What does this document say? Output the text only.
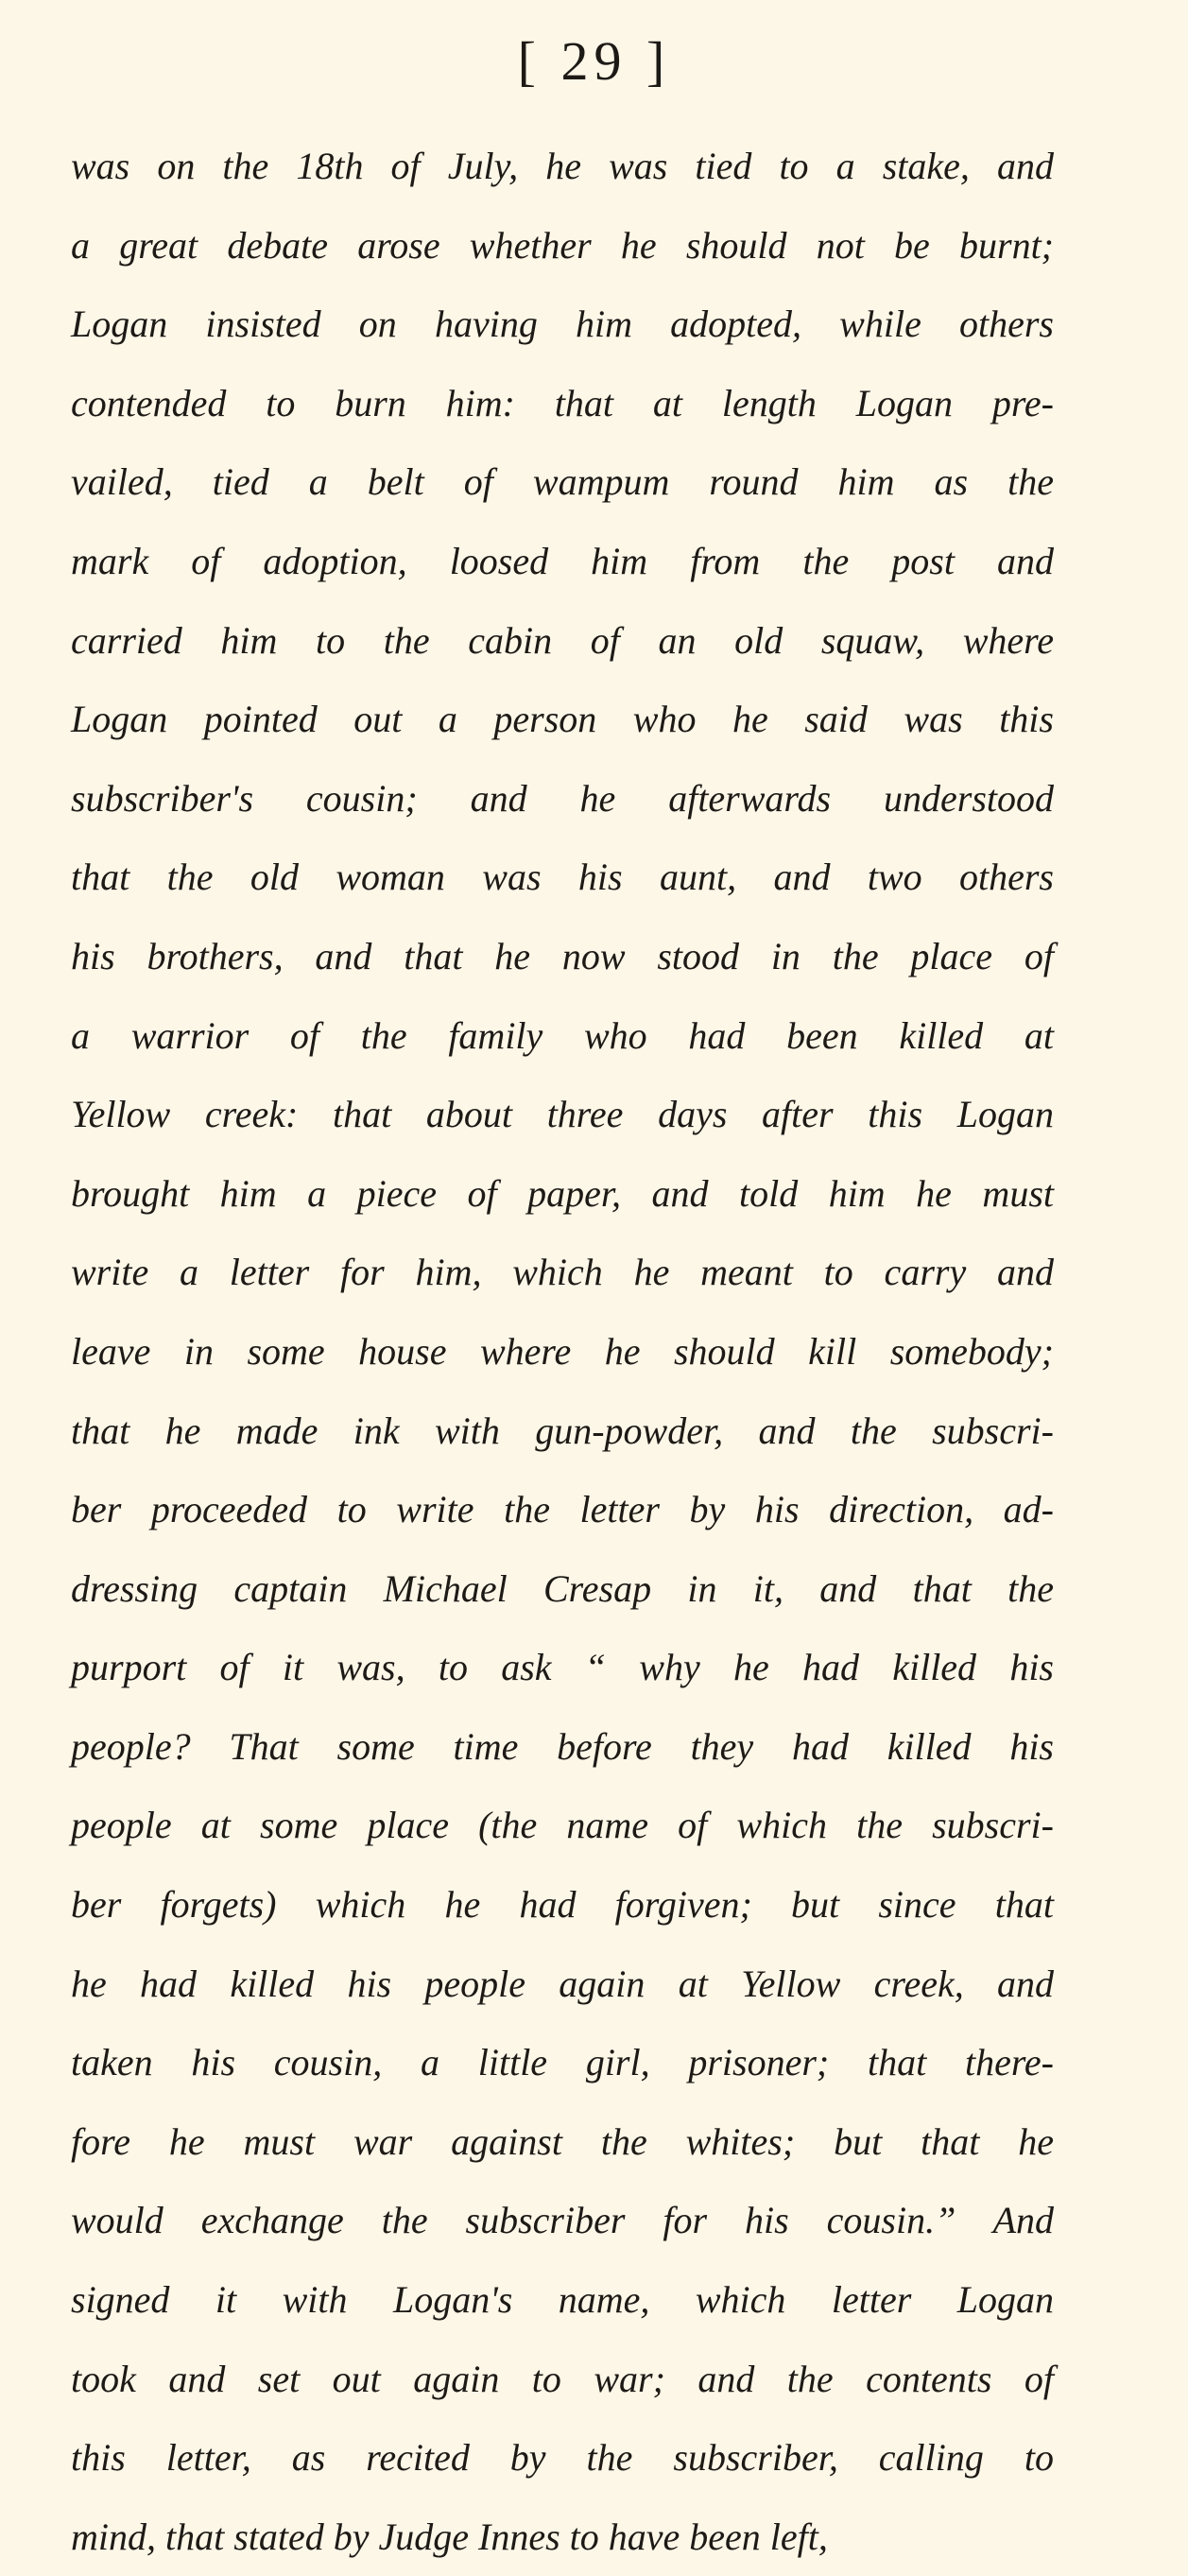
[ 29 ]
was on the 18th of July, he was tied to a stake, and
a great debate arose whether he should not be burnt;
Logan insisted on having him adopted, while others
contended to burn him: that at length Logan pre-
vailed, tied a belt of wampum round him as the
mark of adoption, loosed him from the post and
carried him to the cabin of an old squaw, where
Logan pointed out a person who he said was this
subscriber's cousin; and he afterwards understood
that the old woman was his aunt, and two others
his brothers, and that he now stood in the place of
a warrior of the family who had been killed at
Yellow creek: that about three days after this Logan
brought him a piece of paper, and told him he must
write a letter for him, which he meant to carry and
leave in some house where he should kill somebody;
that he made ink with gun-powder, and the subscri-
ber proceeded to write the letter by his direction, ad-
dressing captain Michael Cresap in it, and that the
purport of it was, to ask “ why he had killed his
people? That some time before they had killed his
people at some place (the name of which the subscri-
ber forgets) which he had forgiven; but since that
he had killed his people again at Yellow creek, and
taken his cousin, a little girl, prisoner; that there-
fore he must war against the whites; but that he
would exchange the subscriber for his cousin.” And
signed it with Logan's name, which letter Logan
took and set out again to war; and the contents of
this letter, as recited by the subscriber, calling to
mind, that stated by Judge Innes to have been left,
